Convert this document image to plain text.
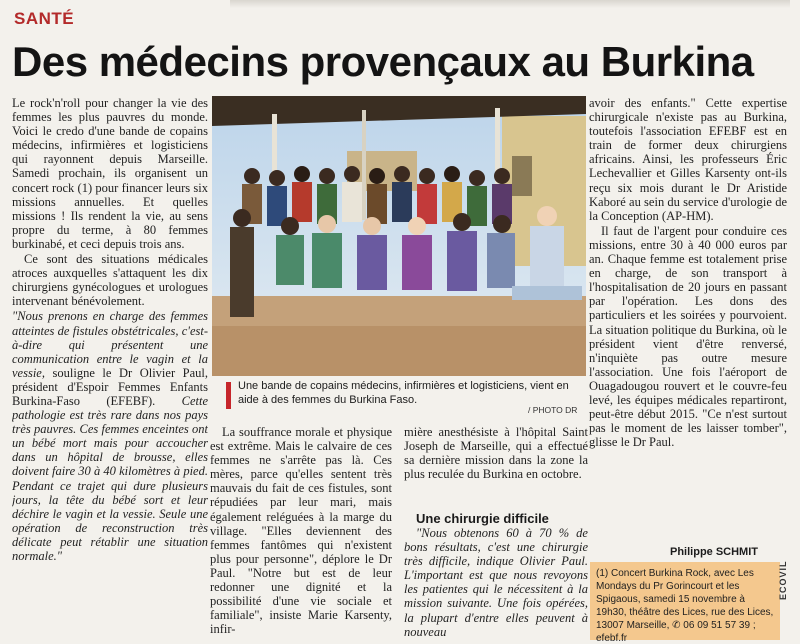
SANTÉ
Des médecins provençaux au Burkina

Le rock'n'roll pour changer la vie des femmes les plus pauvres du monde. Voici le credo d'une bande de copains médecins, infirmières et logisticiens qui rayonnent depuis Marseille. Samedi prochain, ils organisent un concert rock (1) pour financer leurs six missions annuelles. Et quelles missions ! Ils rendent la vie, au sens propre du terme, à 80 femmes burkinabé, et ceci depuis trois ans.

Ce sont des situations médicales atroces auxquelles s'attaquent les dix chirurgiens gynécologues et urologues intervenant bénévolement.

"Nous prenons en charge des femmes atteintes de fistules obstétricales, c'est-à-dire qui présentent une communication entre le vagin et la vessie, souligne le Dr Olivier Paul, président d'Espoir Femmes Enfants Burkina-Faso (EFEBF). Cette pathologie est très rare dans nos pays très pauvres. Ces femmes enceintes ont un bébé mort mais pour accoucher dans un hôpital de brousse, elles doivent faire 30 à 40 kilomètres à pied. Pendant ce trajet qui dure plusieurs jours, la tête du bébé sort et leur déchire le vagin et la vessie. Seule une opération de reconstruction très délicate peut rétablir une situation normale."

Une bande de copains médecins, infirmières et logisticiens, vient en aide à des femmes du Burkina Faso.
/ PHOTO DR

La souffrance morale et physique est extrême. Mais le calvaire de ces femmes ne s'arrête pas là. Ces mères, parce qu'elles sentent très mauvais du fait de ces fistules, sont répudiées par leur mari, mais également reléguées à la marge du village. "Elles deviennent des femmes fantômes qui n'existent plus pour personne", déplore le Dr Paul. "Notre but est de leur redonner une dignité et la possibilité d'une vie sociale et familiale", insiste Marie Karsenty, infir-

mière anesthésiste à l'hôpital Saint Joseph de Marseille, qui a effectué sa dernière mission dans la zone la plus reculée du Burkina en octobre.

Une chirurgie difficile

"Nous obtenons 60 à 70 % de bons résultats, c'est une chirurgie très difficile, indique Olivier Paul. L'important est que nous revoyons les patientes qui le nécessitent à la mission suivante. Une fois opérées, la plupart d'entre elles peuvent à nouveau

avoir des enfants." Cette expertise chirurgicale n'existe pas au Burkina, toutefois l'association EFEBF est en train de former deux chirurgiens africains. Ainsi, les professeurs Éric Lechevallier et Gilles Karsenty ont-ils reçu six mois durant le Dr Aristide Kaboré au sein du service d'urologie de la Conception (AP-HM).

Il faut de l'argent pour conduire ces missions, entre 30 à 40 000 euros par an. Chaque femme est totalement prise en charge, de son transport à l'hospitalisation de 20 jours en passant par l'opération. Les dons des particuliers et les soirées y pourvoient. La situation politique du Burkina, où le président vient d'être renversé, n'inquiète pas outre mesure l'association. Une fois l'aéroport de Ouagadougou rouvert et le couvre-feu levé, les équipes médicales repartiront, peut-être début 2015. "Ce n'est surtout pas le moment de les laisser tomber", glisse le Dr Paul.

Philippe SCHMIT
(1) Concert Burkina Rock, avec Les Mondays du Pr Gorincourt et les Spigaous, samedi 15 novembre à 19h30, théâtre des Lices, rue des Lices, 13007 Marseille, ✆ 06 09 51 57 39 ; efebf.fr
ECOVIL
